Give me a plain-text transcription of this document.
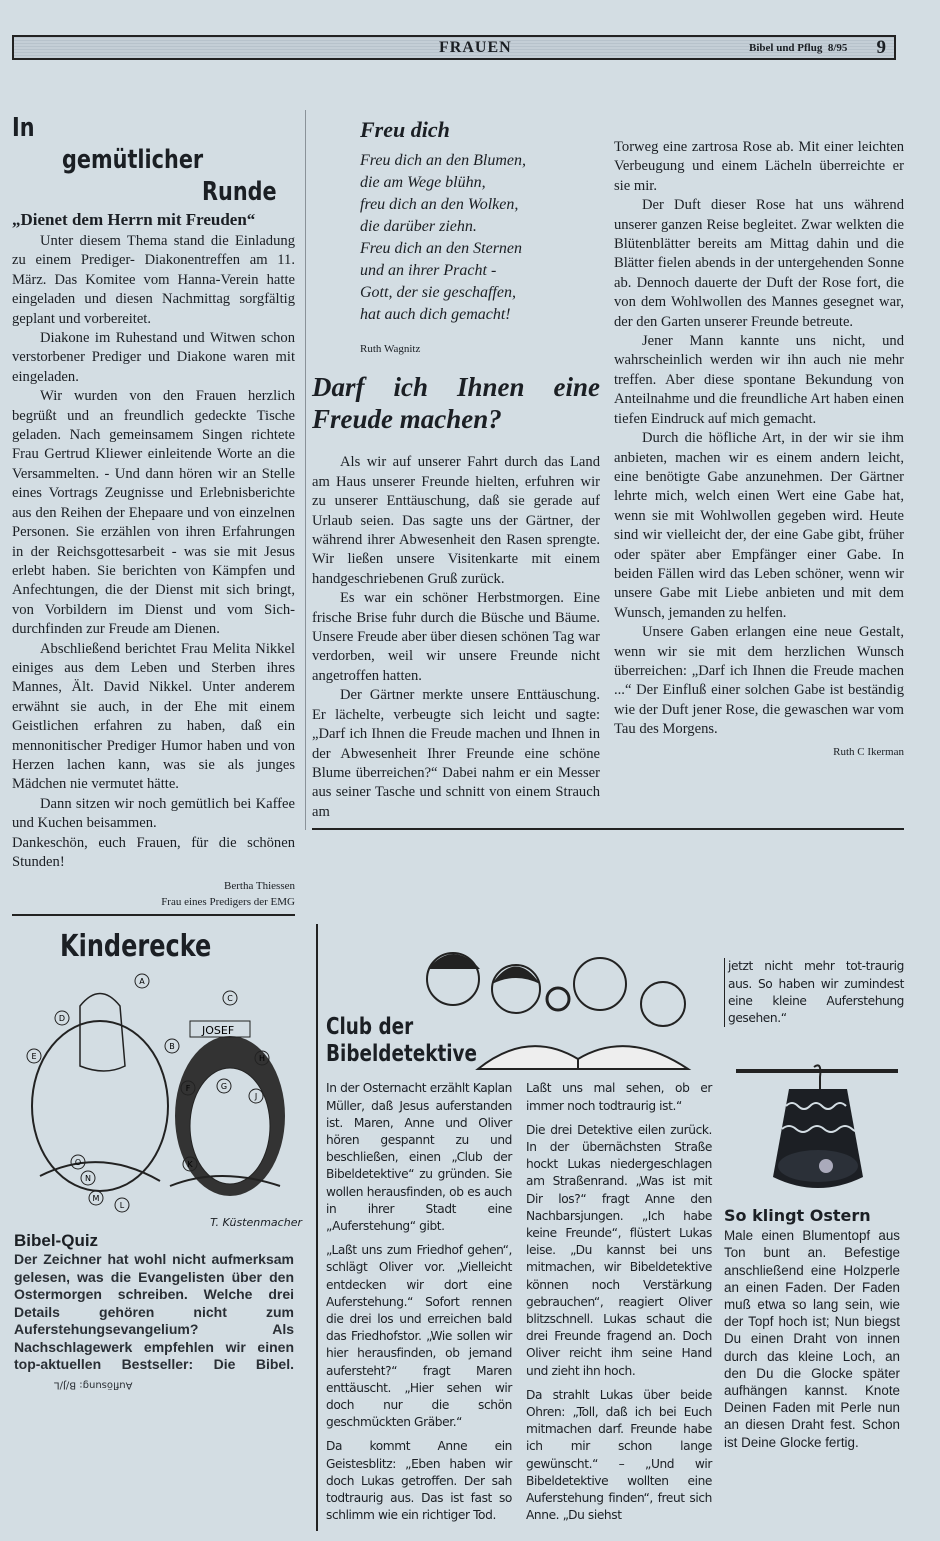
FRAUEN	Bibel und Pflug 8/95 9
In
gemütlicher
Runde
„Dienet dem Herrn mit Freuden“

Unter diesem Thema stand die Einladung zu einem Prediger- Diakonentreffen am 11. März. Das Komitee vom Hanna-Verein hatte eingeladen und diesen Nachmittag sorgfältig geplant und vorbereitet.

Diakone im Ruhestand und Witwen schon verstorbener Prediger und Diakone waren mit eingeladen.

Wir wurden von den Frauen herzlich begrüßt und an freundlich gedeckte Tische geladen. Nach gemeinsamem Singen richtete Frau Gertrud Kliewer einleitende Worte an die Versammelten. - Und dann hören wir an Stelle eines Vortrags Zeugnisse und Erlebnisberichte aus den Reihen der Ehepaare und von einzelnen Personen. Sie erzählen von ihren Erfahrungen in der Reichsgottesarbeit - was sie mit Jesus erlebt haben. Sie berichten von Kämpfen und Anfechtungen, die der Dienst mit sich bringt, von Vorbildern im Dienst und vom Sich-durchfinden zur Freude am Dienen.

Abschließend berichtet Frau Melita Nikkel einiges aus dem Leben und Sterben ihres Mannes, Ält. David Nikkel. Unter anderem erwähnt sie auch, in der Ehe mit einem Geistlichen erfahren zu haben, daß ein mennonitischer Prediger Humor haben und von Herzen lachen kann, was sie als junges Mädchen nie vermutet hätte.

Dann sitzen wir noch gemütlich bei Kaffee und Kuchen beisammen.

Dankeschön, euch Frauen, für die schönen Stunden!

Bertha Thiessen
Frau eines Predigers der EMG
Freu dich
Freu dich an den Blumen,
die am Wege blühn,
freu dich an den Wolken,
die darüber ziehn.
Freu dich an den Sternen
und an ihrer Pracht -
Gott, der sie geschaffen,
hat auch dich gemacht!
Ruth Wagnitz
Darf ich Ihnen eine Freude machen?

Als wir auf unserer Fahrt durch das Land am Haus unserer Freunde hielten, erfuhren wir zu unserer Enttäuschung, daß sie gerade auf Urlaub seien. Das sagte uns der Gärtner, der während ihrer Abwesenheit den Rasen sprengte. Wir ließen unsere Visitenkarte mit einem handgeschriebenen Gruß zurück.

Es war ein schöner Herbstmorgen. Eine frische Brise fuhr durch die Büsche und Bäume. Unsere Freude aber über diesen schönen Tag war verdorben, weil wir unsere Freunde nicht angetroffen hatten.

Der Gärtner merkte unsere Enttäuschung. Er lächelte, verbeugte sich leicht und sagte: „Darf ich Ihnen die Freude machen und Ihnen in der Abwesenheit Ihrer Freunde eine schöne Blume überreichen?“ Dabei nahm er ein Messer aus seiner Tasche und schnitt von einem Strauch am

Torweg eine zartrosa Rose ab. Mit einer leichten Verbeugung und einem Lächeln überreichte er sie mir.

Der Duft dieser Rose hat uns während unserer ganzen Reise begleitet. Zwar welkten die Blütenblätter bereits am Mittag dahin und die Blätter fielen abends in der untergehenden Sonne ab. Dennoch dauerte der Duft der Rose fort, die von dem Wohlwollen des Mannes gesegnet war, der den Garten unserer Freunde betreute.

Jener Mann kannte uns nicht, und wahrscheinlich werden wir ihn auch nie mehr treffen. Aber diese spontane Bekundung von Anteilnahme und die freundliche Art haben einen tiefen Eindruck auf mich gemacht.

Durch die höfliche Art, in der wir sie ihm anbieten, machen wir es einem andern leicht, eine benötigte Gabe anzunehmen. Der Gärtner lehrte mich, welch einen Wert eine Gabe hat, wenn sie mit Wohlwollen gegeben wird. Heute sind wir vielleicht der, der eine Gabe gibt, früher oder später aber Empfänger einer Gabe. In beiden Fällen wird das Leben schöner, wenn wir unsere Gabe mit Liebe anbieten und mit dem Wunsch, jemanden zu helfen.

Unsere Gaben erlangen eine neue Gestalt, wenn wir sie mit dem herzlichen Wunsch überreichen: „Darf ich Ihnen die Freude machen ...“ Der Einfluß einer solchen Gabe ist beständig wie der Duft jener Rose, die gewaschen war vom Tau des Morgens.

Ruth C Ikerman
Kinderecke
JOSEF
A
B
C
D
E
F	G
H
J
K
L
M
N
O
T. Küstenmacher
Bibel-Quiz
Der Zeichner hat wohl nicht aufmerksam gelesen, was die Evangelisten über den Ostermorgen schreiben. Welche drei Details gehören nicht zum Auferstehungsevangelium? Als Nachschlagewerk empfehlen wir einen top-aktuellen Bestseller: Die Bibel. Auflösung: B/J/L
Club der
Bibeldetektive

In der Osternacht erzählt Kaplan Müller, daß Jesus auferstanden ist. Maren, Anne und Oliver hören gespannt zu und beschließen, einen „Club der Bibeldetektive“ zu gründen. Sie wollen herausfinden, ob es auch in ihrer Stadt eine „Auferstehung“ gibt.

„Laßt uns zum Friedhof gehen“, schlägt Oliver vor. „Vielleicht entdecken wir dort eine Auferstehung.“ Sofort rennen die drei los und erreichen bald das Friedhofstor. „Wie sollen wir hier herausfinden, ob jemand aufersteht?“ fragt Maren enttäuscht. „Hier sehen wir doch nur die schön geschmückten Gräber.“

Da kommt Anne ein Geistesblitz: „Eben haben wir doch Lukas getroffen. Der sah todtraurig aus. Das ist fast so schlimm wie ein richtiger Tod.

Laßt uns mal sehen, ob er immer noch todtraurig ist.“

Die drei Detektive eilen zurück. In der übernächsten Straße hockt Lukas niedergeschlagen am Straßenrand. „Was ist mit Dir los?“ fragt Anne den Nachbarsjungen. „Ich habe keine Freunde“, flüstert Lukas leise. „Du kannst bei uns mitmachen, wir Bibeldetektive können noch Verstärkung gebrauchen“, reagiert Oliver blitzschnell. Lukas schaut die drei Freunde fragend an. Doch Oliver reicht ihm seine Hand und zieht ihn hoch.

Da strahlt Lukas über beide Ohren: „Toll, daß ich bei Euch mitmachen darf. Freunde habe ich mir schon lange gewünscht.“ – „Und wir Bibeldetektive wollten eine Auferstehung finden“, freut sich Anne. „Du siehst

jetzt nicht mehr tot-traurig aus. So haben wir zumindest eine kleine Auferstehung gesehen.“
So klingt Ostern
Male einen Blumentopf aus Ton bunt an. Befestige anschließend eine Holzperle an einen Faden. Der Faden muß etwa so lang sein, wie der Topf hoch ist; Nun biegst Du einen Draht von innen durch das kleine Loch, an den Du die Glocke später aufhängen kannst. Knote Deinen Faden mit Perle nun an diesen Draht fest. Schon ist Deine Glocke fertig.
